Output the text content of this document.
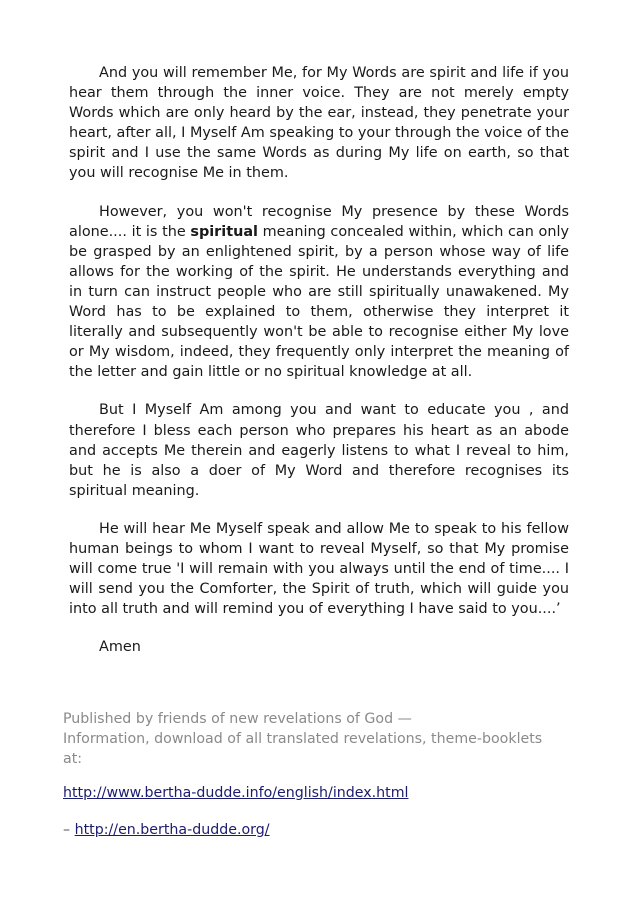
And you will remember Me, for My Words are spirit and life if you hear them through the inner voice. They are not merely empty Words which are only heard by the ear, instead, they penetrate your heart, after all, I Myself Am speaking to your through the voice of the spirit and I use the same Words as during My life on earth, so that you will recognise Me in them.

However, you won't recognise My presence by these Words alone.... it is the spiritual meaning concealed within, which can only be grasped by an enlightened spirit, by a person whose way of life allows for the working of the spirit. He understands everything and in turn can instruct people who are still spiritually unawakened. My Word has to be explained to them, otherwise they interpret it literally and subsequently won't be able to recognise either My love or My wisdom, indeed, they frequently only interpret the meaning of the letter and gain little or no spiritual knowledge at all.

But I Myself Am among you and want to educate you , and therefore I bless each person who prepares his heart as an abode and accepts Me therein and eagerly listens to what I reveal to him, but he is also a doer of My Word and therefore recognises its spiritual meaning.

He will hear Me Myself speak and allow Me to speak to his fellow human beings to whom I want to reveal Myself, so that My promise will come true 'I will remain with you always until the end of time.... I will send you the Comforter, the Spirit of truth, which will guide you into all truth and will remind you of everything I have said to you....’

Amen

Published by friends of new revelations of God —
Information, download of all translated revelations, theme-booklets
at:
http://www.bertha-dudde.info/english/index.html
– http://en.bertha-dudde.org/
